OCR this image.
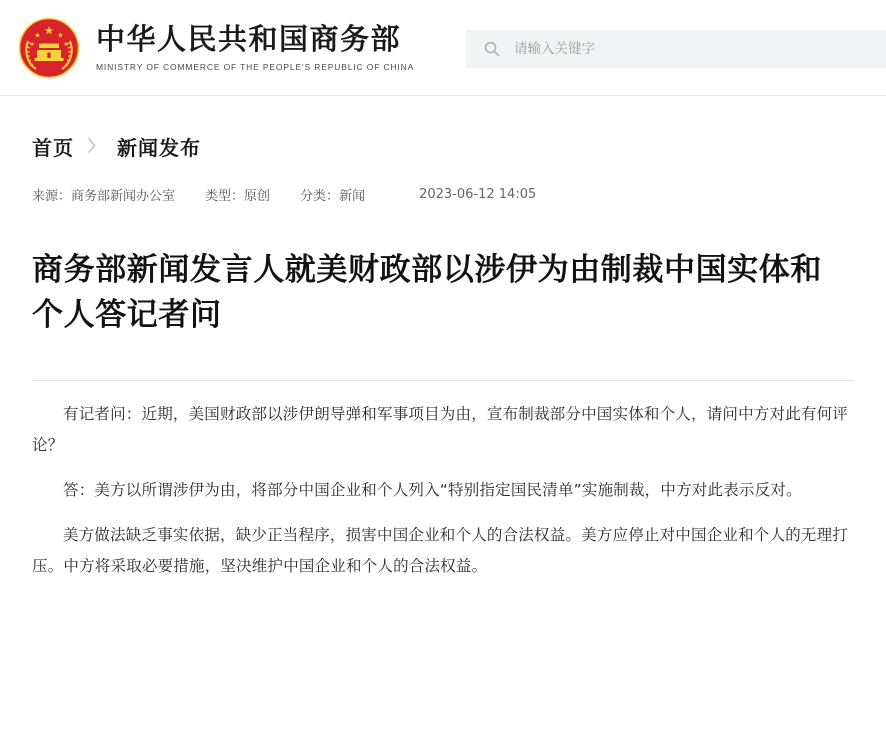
中华人民共和国商务部
MINISTRY OF COMMERCE OF THE PEOPLE'S REPUBLIC OF CHINA
请输入关键字
首页 〉 新闻发布
来源：商务部新闻办公室 类型：原创 分类：新闻	2023-06-12 14:05
商务部新闻发言人就美财政部以涉伊为由制裁中国实体和个人答记者问

有记者问：近期，美国财政部以涉伊朗导弹和军事项目为由，宣布制裁部分中国实体和个人，请问中方对此有何评论？

答：美方以所谓涉伊为由，将部分中国企业和个人列入“特别指定国民清单”实施制裁，中方对此表示反对。

美方做法缺乏事实依据，缺少正当程序，损害中国企业和个人的合法权益。美方应停止对中国企业和个人的无理打压。中方将采取必要措施，坚决维护中国企业和个人的合法权益。
